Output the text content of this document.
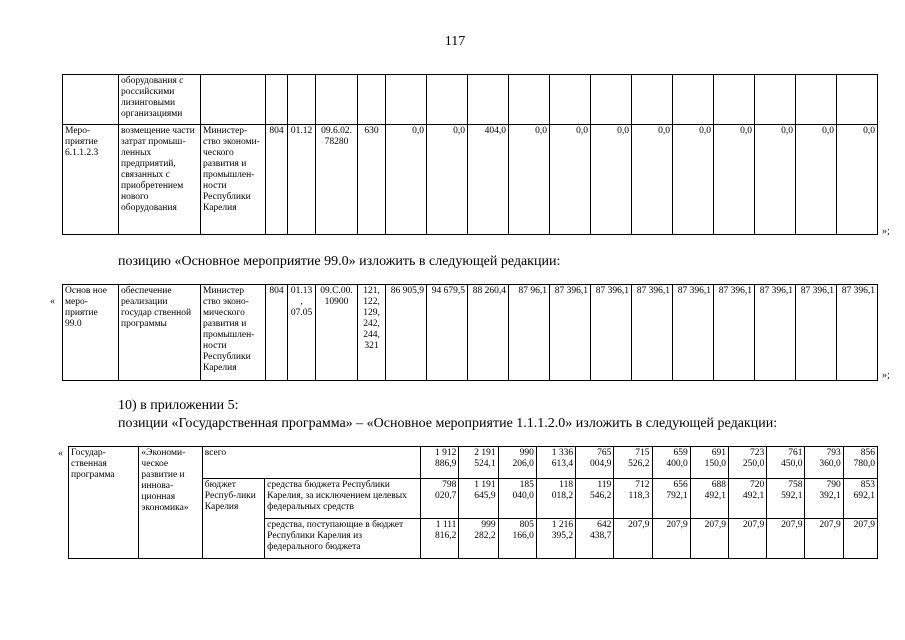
117
	оборудования с российскими лизинговыми организациями																	
Меро-приятие 6.1.1.2.3	возмещение части затрат промыш-ленных предприятий, связанных с приобретением нового оборудования	Министер-ство экономи-ческого развития и промышлен-ности Республики Карелия	804	01.12	09.6.02. 78280	630	0,0	0,0	404,0	0,0	0,0	0,0	0,0	0,0	0,0	0,0	0,0	0,0
»;
позицию «Основное мероприятие 99.0» изложить в следующей редакции:
«
Основ ное меро-приятие 99.0	обеспечение реализации государ ственной программы	Министер ство эконо-мического развития и промышлен-ности Республики Карелия	804	01.13, 07.05	09.С.00. 10900	121, 122, 129, 242, 244, 321	86 905,9	94 679,5	88 260,4	87 96,1	87 396,1	87 396,1	87 396,1	87 396,1	87 396,1	87 396,1	87 396,1	87 396,1
»;
10) в приложении 5:
позиции «Государственная программа» – «Основное мероприятие 1.1.1.2.0» изложить в следующей редакции:
« Государ-ственная программа	«Экономи-ческое развитие и иннова-ционная экономика»	всего		1 912 886,9	2 191 524,1	990 206,0	1 336 613,4	765 004,9	715 526,2	659 400,0	691 150,0	723 250,0	761 450,0	793 360,0	856 780,0
		бюджет Респуб-лики Карелия	средства бюджета Республики Карелия, за исключением целевых федеральных средств	798 020,7	1 191 645,9	185 040,0	118 018,2	119 546,2	712 118,3	656 792,1	688 492,1	720 492,1	758 592,1	790 392,1	853 692,1
			средства, поступающие в бюджет Республики Карелия из федерального бюджета	1 111 816,2	999 282,2	805 166,0	1 216 395,2	642 438,7	207,9	207,9	207,9	207,9	207,9	207,9	207,9
